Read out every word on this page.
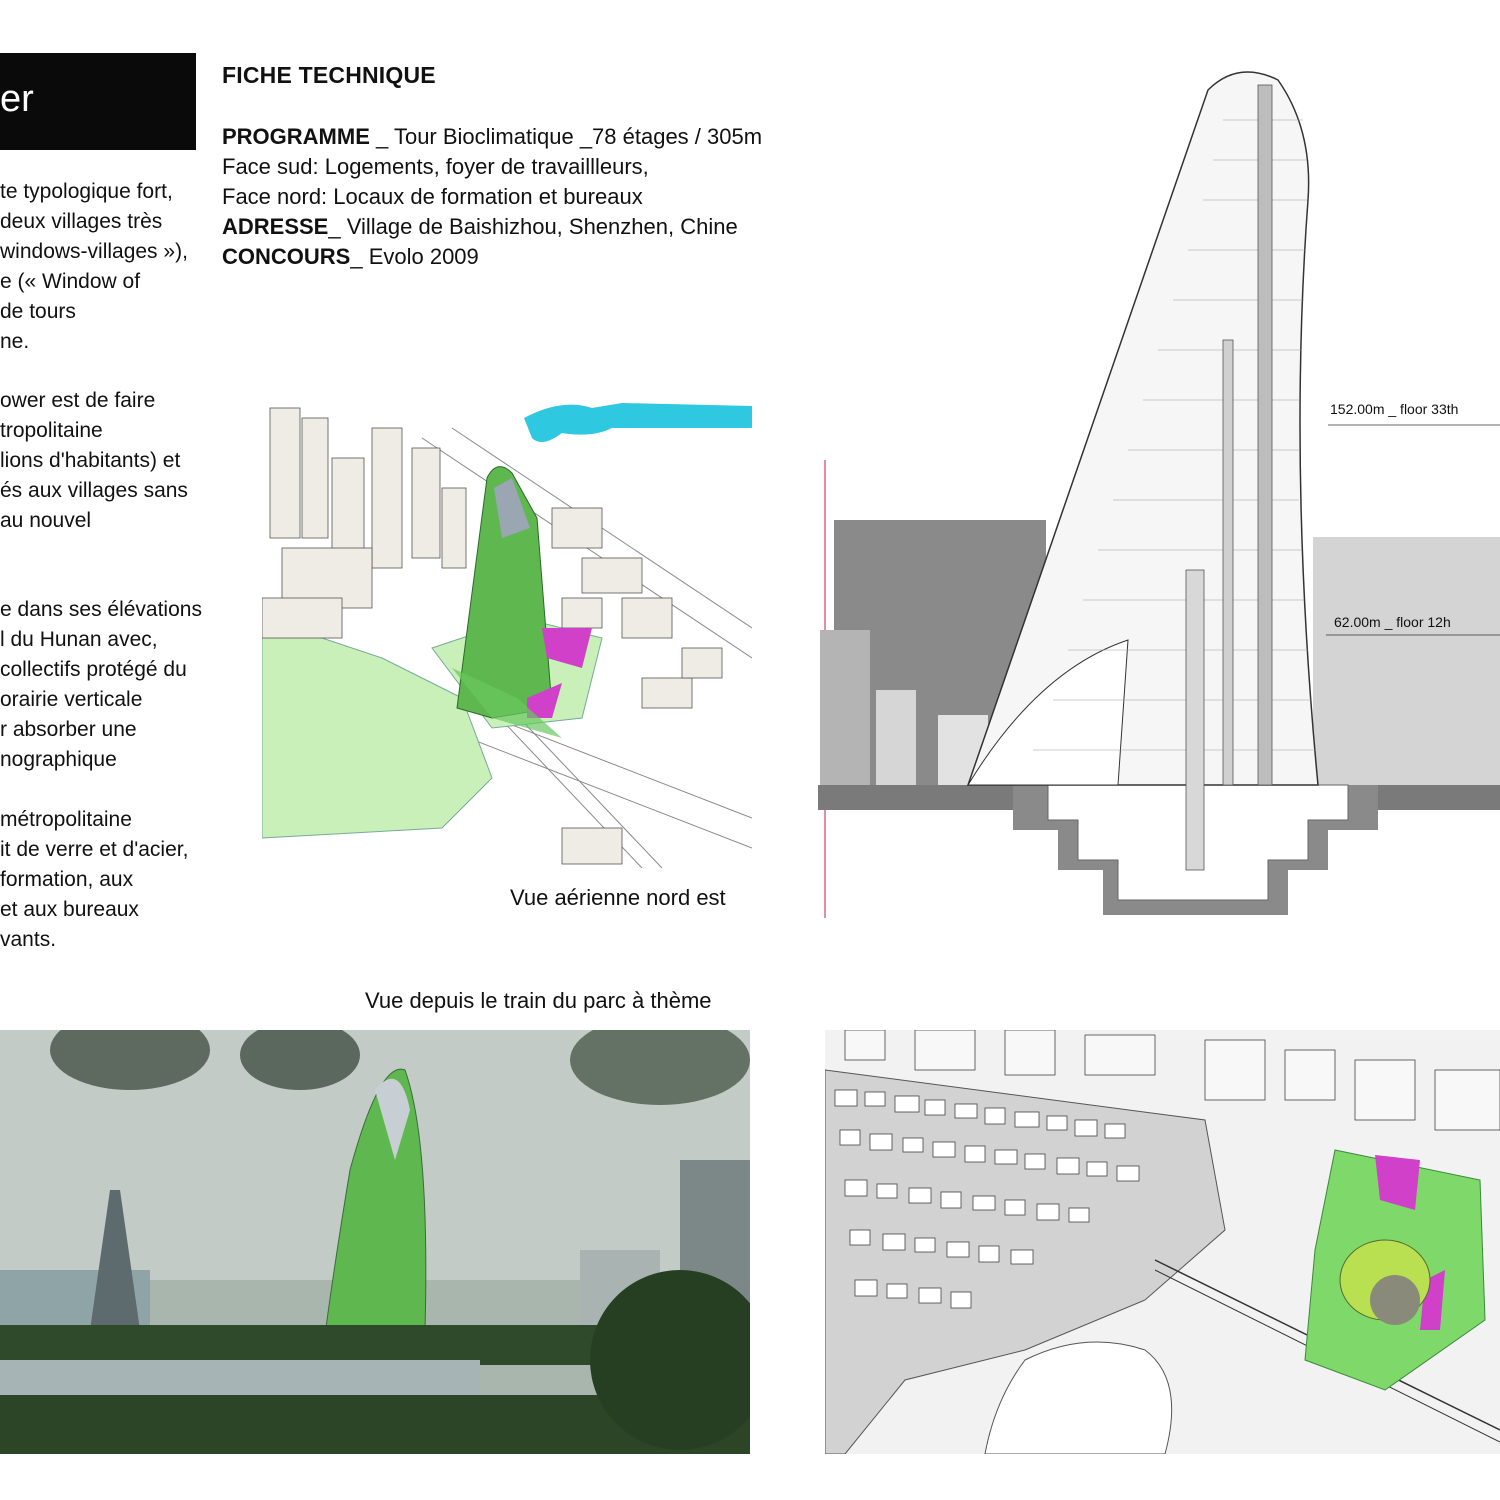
er
FICHE TECHNIQUE
PROGRAMME _ Tour Bioclimatique _78 étages / 305m
Face sud: Logements, foyer de travaillleurs,
Face nord: Locaux de formation et bureaux
ADRESSE_ Village de Baishizhou, Shenzhen, Chine
CONCOURS_ Evolo 2009
te typologique fort,
deux villages très
windows-villages »),
e (« Window of
de tours
ne.
ower est de faire
tropolitaine
lions d'habitants) et
és aux villages sans
au nouvel
e dans ses élévations
l du Hunan avec,
collectifs protégé du
orairie verticale
r absorber une
nographique
métropolitaine
it de verre et d'acier,
formation, aux
et aux bureaux
vants.
Vue aérienne nord est
152.00m _ floor 33th
62.00m _ floor 12h
Vue depuis le train du parc à thème
